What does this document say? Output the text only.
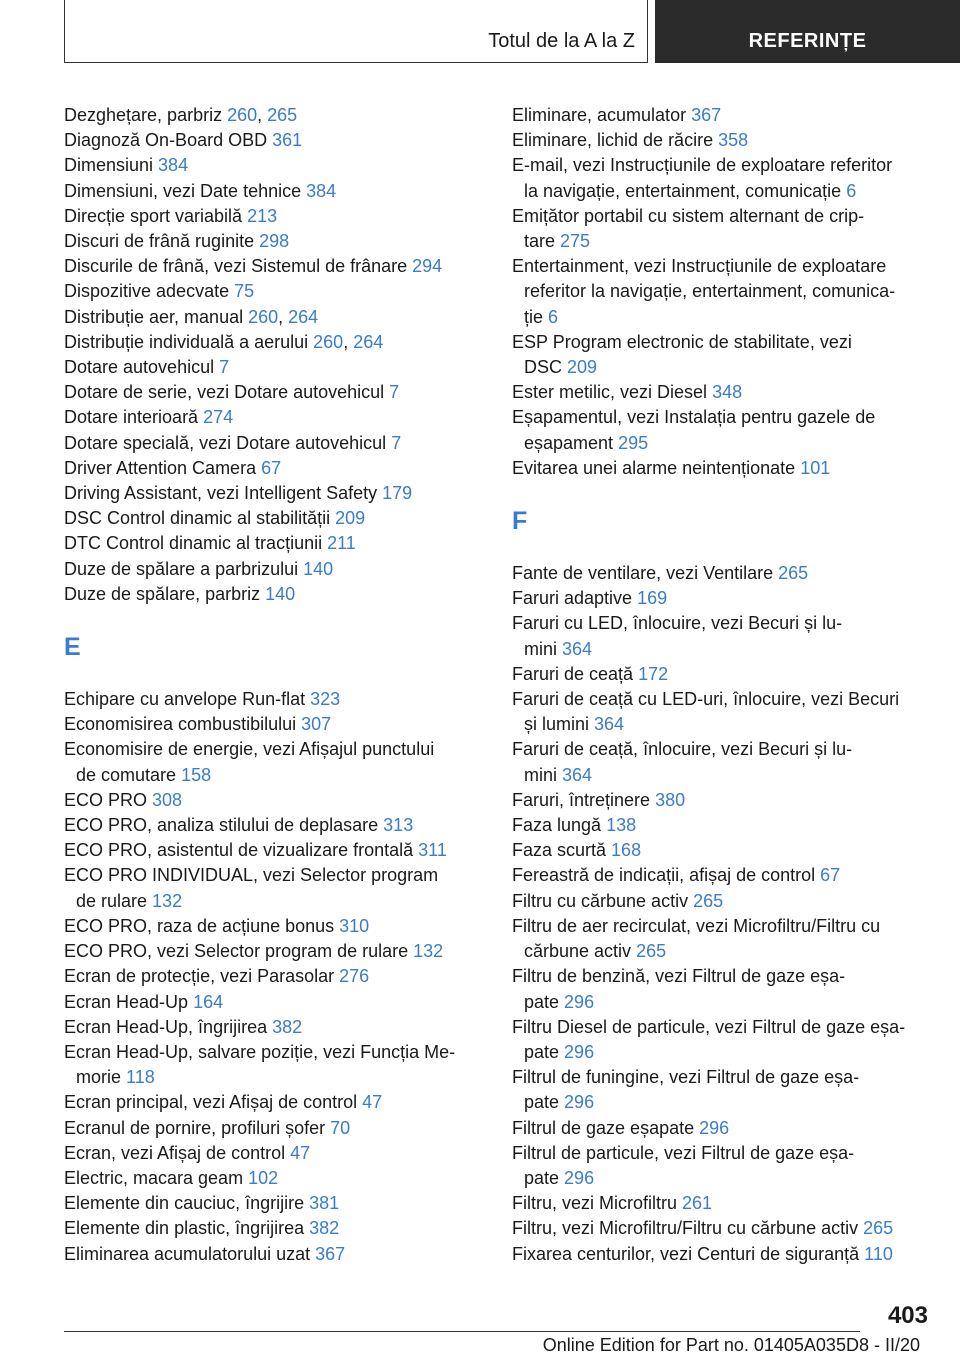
Totul de la A la Z	REFERINȚE
Dezghețare, parbriz 260, 265
Diagnoză On-Board OBD 361
Dimensiuni 384
Dimensiuni, vezi Date tehnice 384
Direcție sport variabilă 213
Discuri de frână ruginite 298
Discurile de frână, vezi Sistemul de frânare 294
Dispozitive adecvate 75
Distribuție aer, manual 260, 264
Distribuție individuală a aerului 260, 264
Dotare autovehicul 7
Dotare de serie, vezi Dotare autovehicul 7
Dotare interioară 274
Dotare specială, vezi Dotare autovehicul 7
Driver Attention Camera 67
Driving Assistant, vezi Intelligent Safety 179
DSC Control dinamic al stabilității 209
DTC Control dinamic al tracțiunii 211
Duze de spălare a parbrizului 140
Duze de spălare, parbriz 140
E
Echipare cu anvelope Run-flat 323
Economisirea combustibilului 307
Economisire de energie, vezi Afișajul punctului
de comutare 158
ECO PRO 308
ECO PRO, analiza stilului de deplasare 313
ECO PRO, asistentul de vizualizare frontală 311
ECO PRO INDIVIDUAL, vezi Selector program
de rulare 132
ECO PRO, raza de acțiune bonus 310
ECO PRO, vezi Selector program de rulare 132
Ecran de protecție, vezi Parasolar 276
Ecran Head-Up 164
Ecran Head-Up, îngrijirea 382
Ecran Head-Up, salvare poziție, vezi Funcția Me-
morie 118
Ecran principal, vezi Afișaj de control 47
Ecranul de pornire, profiluri șofer 70
Ecran, vezi Afișaj de control 47
Electric, macara geam 102
Elemente din cauciuc, îngrijire 381
Elemente din plastic, îngrijirea 382
Eliminarea acumulatorului uzat 367
Eliminare, acumulator 367
Eliminare, lichid de răcire 358
E-mail, vezi Instrucțiunile de exploatare referitor
la navigație, entertainment, comunicație 6
Emițător portabil cu sistem alternant de crip-
tare 275
Entertainment, vezi Instrucțiunile de exploatare
referitor la navigație, entertainment, comunica-
ție 6
ESP Program electronic de stabilitate, vezi
DSC 209
Ester metilic, vezi Diesel 348
Eșapamentul, vezi Instalația pentru gazele de
eșapament 295
Evitarea unei alarme neintenționate 101
F
Fante de ventilare, vezi Ventilare 265
Faruri adaptive 169
Faruri cu LED, înlocuire, vezi Becuri și lu-
mini 364
Faruri de ceață 172
Faruri de ceață cu LED-uri, înlocuire, vezi Becuri
și lumini 364
Faruri de ceață, înlocuire, vezi Becuri și lu-
mini 364
Faruri, întreținere 380
Faza lungă 138
Faza scurtă 168
Fereastră de indicații, afișaj de control 67
Filtru cu cărbune activ 265
Filtru de aer recirculat, vezi Microfiltru/Filtru cu
cărbune activ 265
Filtru de benzină, vezi Filtrul de gaze eșa-
pate 296
Filtru Diesel de particule, vezi Filtrul de gaze eșa-
pate 296
Filtrul de funingine, vezi Filtrul de gaze eșa-
pate 296
Filtrul de gaze eșapate 296
Filtrul de particule, vezi Filtrul de gaze eșa-
pate 296
Filtru, vezi Microfiltru 261
Filtru, vezi Microfiltru/Filtru cu cărbune activ 265
Fixarea centurilor, vezi Centuri de siguranță 110
403
Online Edition for Part no. 01405A035D8 - II/20
